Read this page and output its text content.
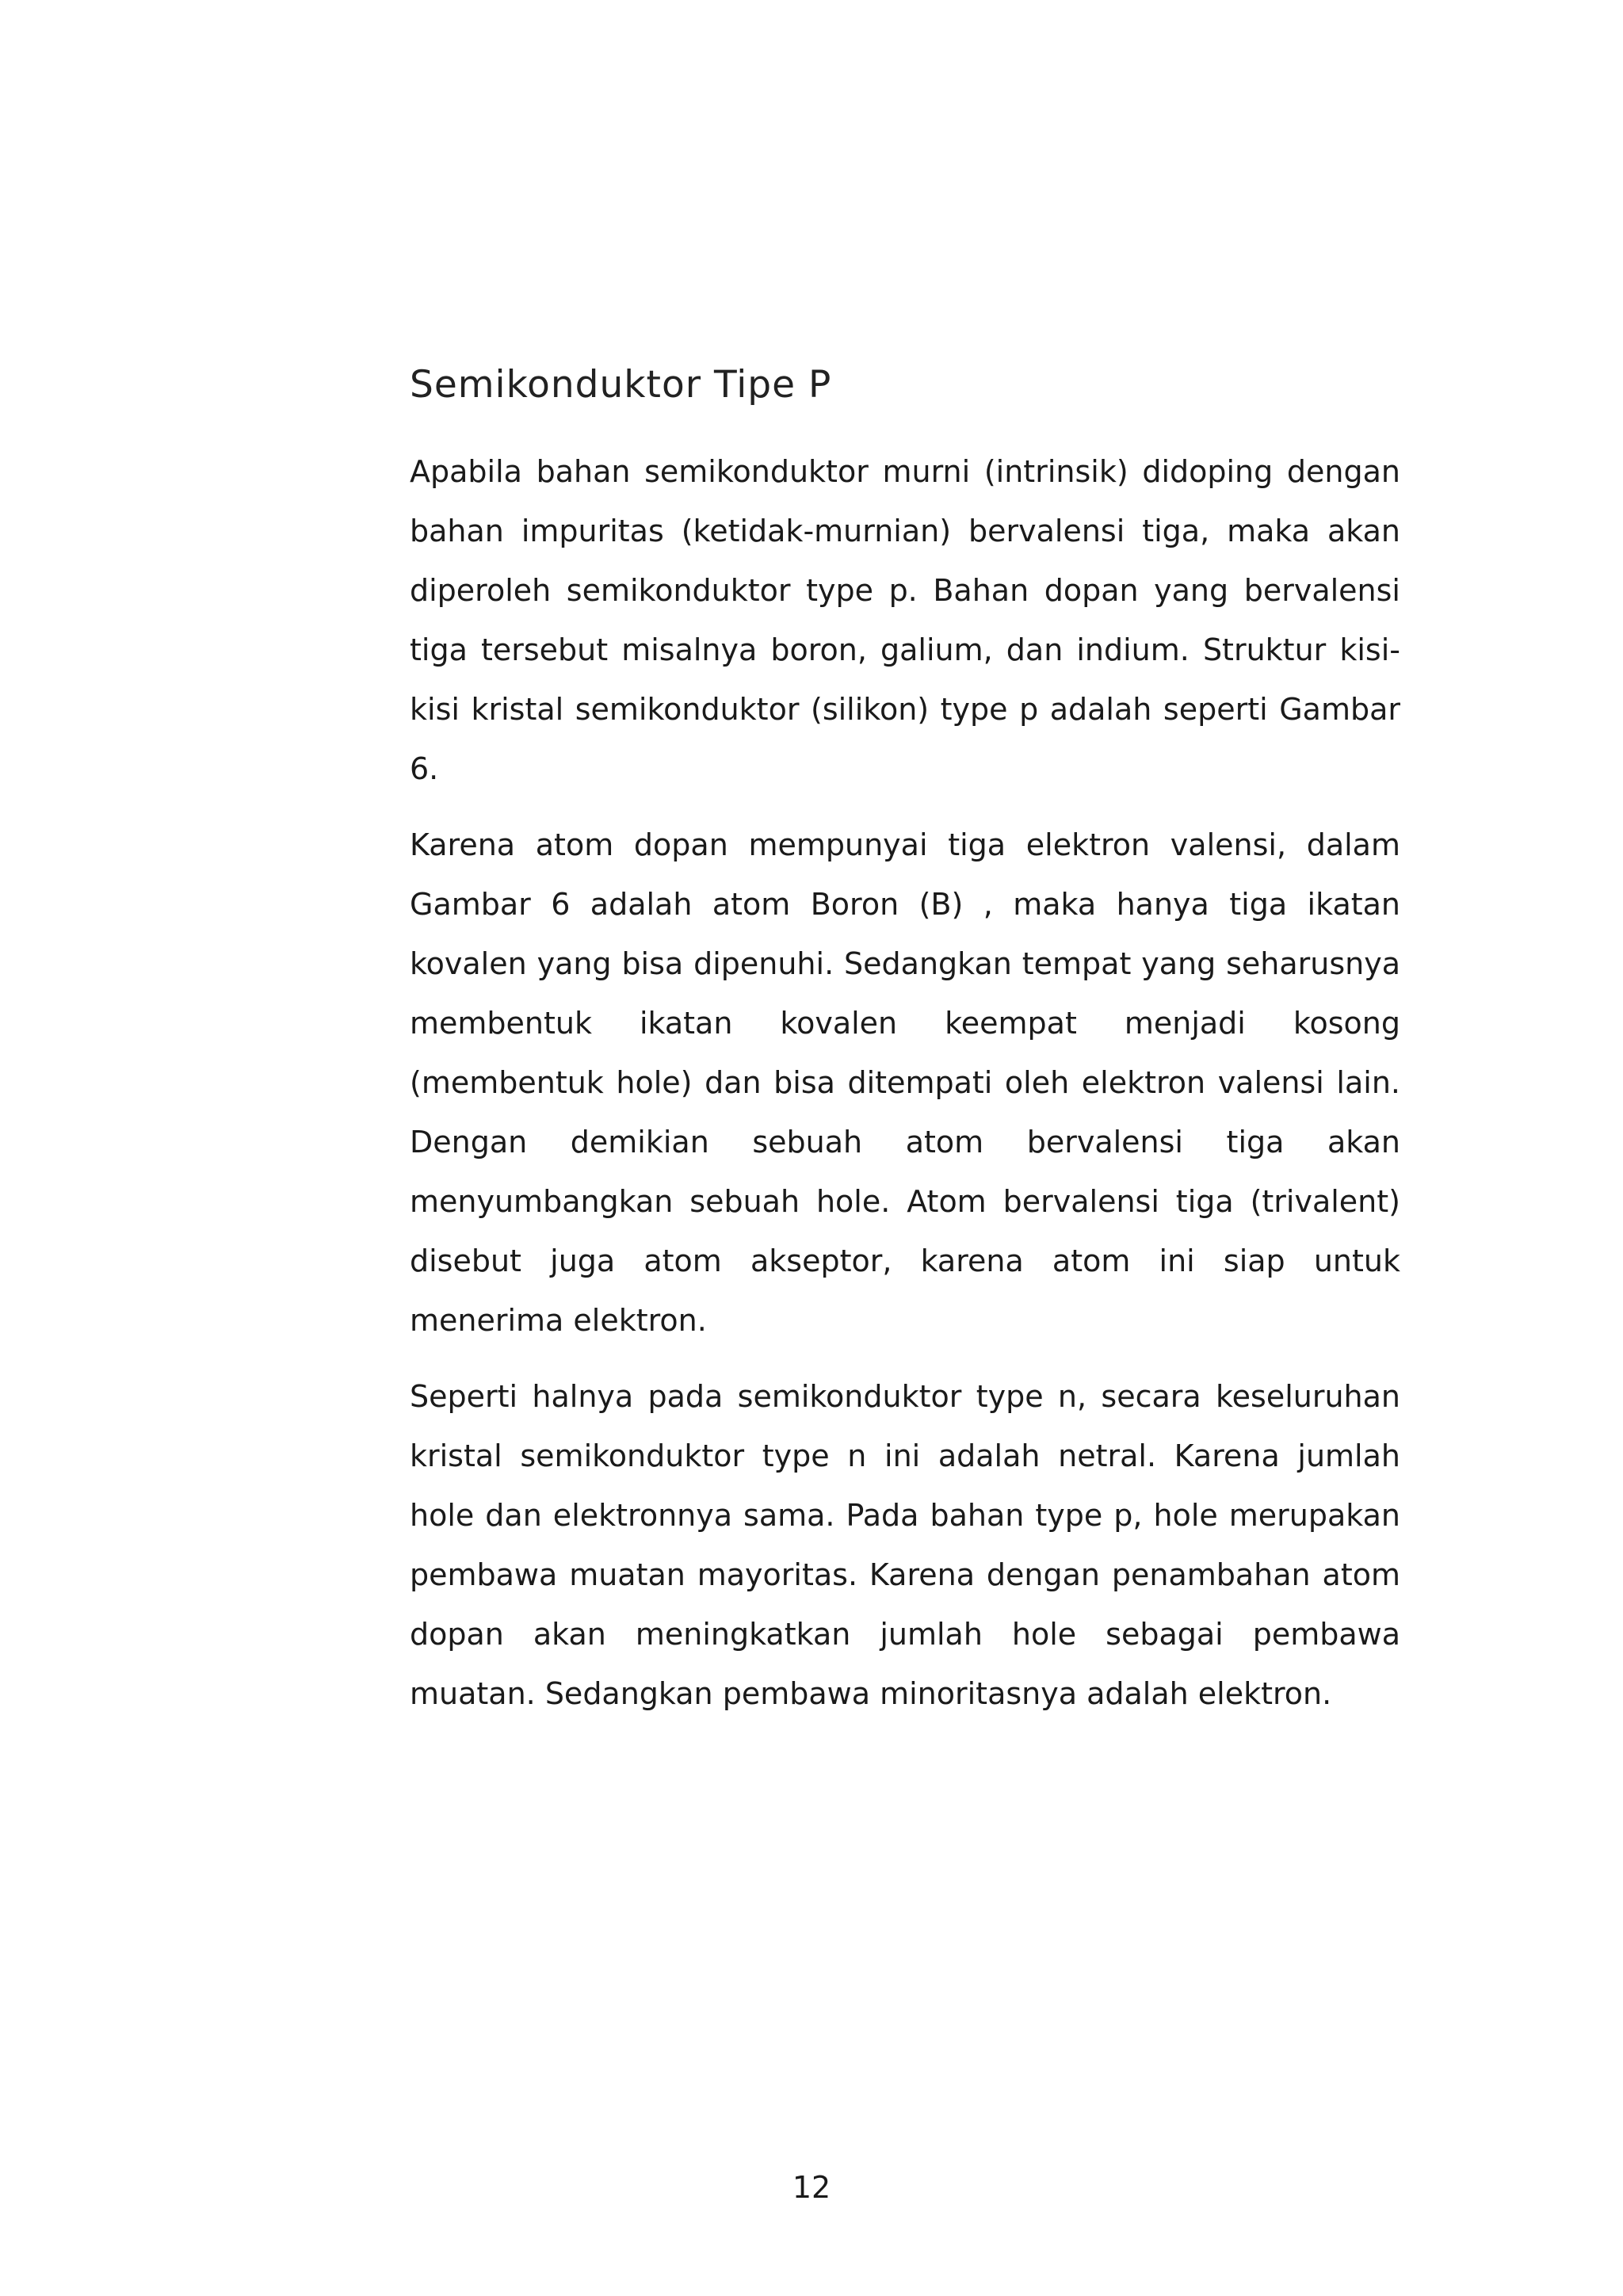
Semikonduktor Tipe P

Apabila bahan semikonduktor murni (intrinsik) didoping dengan bahan impuritas (ketidak-murnian) bervalensi tiga, maka akan diperoleh semikonduktor type p. Bahan dopan yang bervalensi tiga tersebut misalnya boron, galium, dan indium. Struktur kisi-kisi kristal semikonduktor (silikon) type p adalah seperti Gambar 6.

Karena atom dopan mempunyai tiga elektron valensi, dalam Gambar 6 adalah atom Boron (B) , maka hanya tiga ikatan kovalen yang bisa dipenuhi. Sedangkan tempat yang seharusnya membentuk ikatan kovalen keempat menjadi kosong (membentuk hole) dan bisa ditempati oleh elektron valensi lain. Dengan demikian sebuah atom bervalensi tiga akan menyumbangkan sebuah hole. Atom bervalensi tiga (trivalent) disebut juga atom akseptor, karena atom ini siap untuk menerima elektron.

Seperti halnya pada semikonduktor type n, secara keseluruhan kristal semikonduktor type n ini adalah netral. Karena jumlah hole dan elektronnya sama. Pada bahan type p, hole merupakan pembawa muatan mayoritas. Karena dengan penambahan atom dopan akan meningkatkan jumlah hole sebagai pembawa muatan. Sedangkan pembawa minoritasnya adalah elektron.

12
